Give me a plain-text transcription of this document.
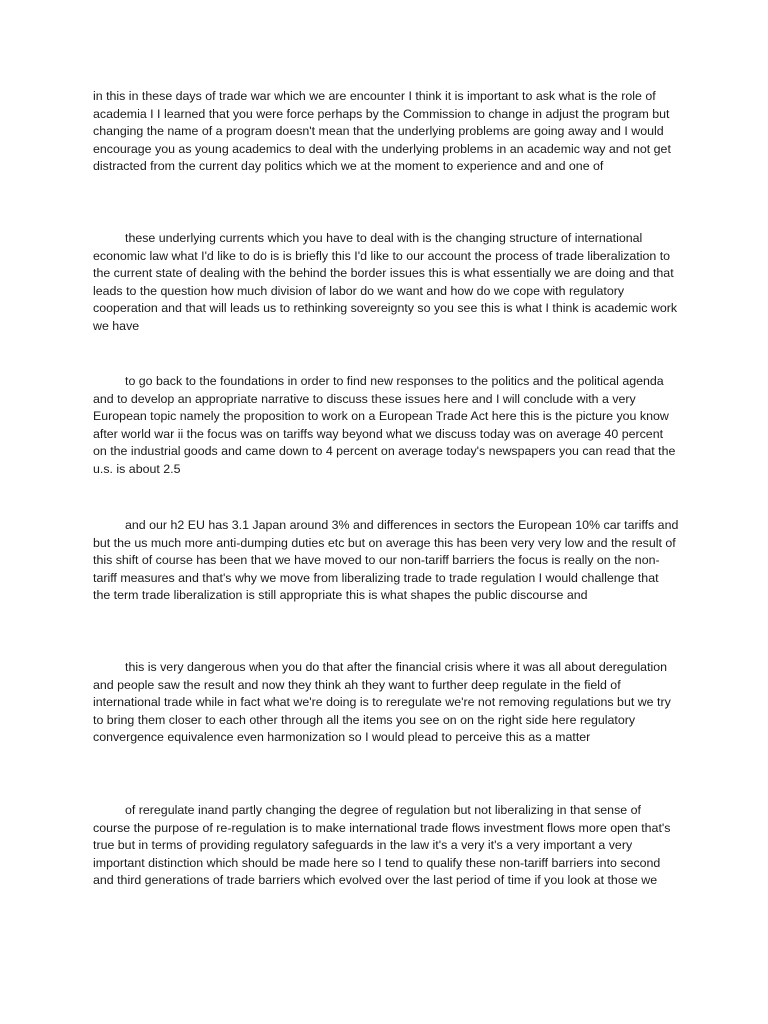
in this in these days of trade war which we are encounter I think it is important to ask what is the role of academia I I learned that you were force perhaps by the Commission to change in adjust the program but changing the name of a program doesn't mean that the underlying problems are going away and I would encourage you as young academics to deal with the underlying problems in an academic way and not get distracted from the current day politics which we at the moment to experience and and one of

these underlying currents which you have to deal with is the changing structure of international economic law what I'd like to do is is briefly this I'd like to our account the process of trade liberalization to the current state of dealing with the behind the border issues this is what essentially we are doing and that leads to the question how much division of labor do we want and how do we cope with regulatory cooperation and that will leads us to rethinking sovereignty so you see this is what I think is academic work we have

to go back to the foundations in order to find new responses to the politics and the political agenda and to develop an appropriate narrative to discuss these issues here and I will conclude with a very European topic namely the proposition to work on a European Trade Act here this is the picture you know after world war ii the focus was on tariffs way beyond what we discuss today was on average 40 percent on the industrial goods and came down to 4 percent on average today's newspapers you can read that the u.s. is about 2.5

and our h2 EU has 3.1 Japan around 3% and differences in sectors the European 10% car tariffs and but the us much more anti-dumping duties etc but on average this has been very very low and the result of this shift of course has been that we have moved to our non-tariff barriers the focus is really on the non-tariff measures and that's why we move from liberalizing trade to trade regulation I would challenge that the term trade liberalization is still appropriate this is what shapes the public discourse and

this is very dangerous when you do that after the financial crisis where it was all about deregulation and people saw the result and now they think ah they want to further deep regulate in the field of international trade while in fact what we're doing is to reregulate we're not removing regulations but we try to bring them closer to each other through all the items you see on on the right side here regulatory convergence equivalence even harmonization so I would plead to perceive this as a matter

of reregulate inand partly changing the degree of regulation but not liberalizing in that sense of course the purpose of re-regulation is to make international trade flows investment flows more open that's true but in terms of providing regulatory safeguards in the law it's a very it's a very important a very important distinction which should be made here so I tend to qualify these non-tariff barriers into second and third generations of trade barriers which evolved over the last period of time if you look at those we
